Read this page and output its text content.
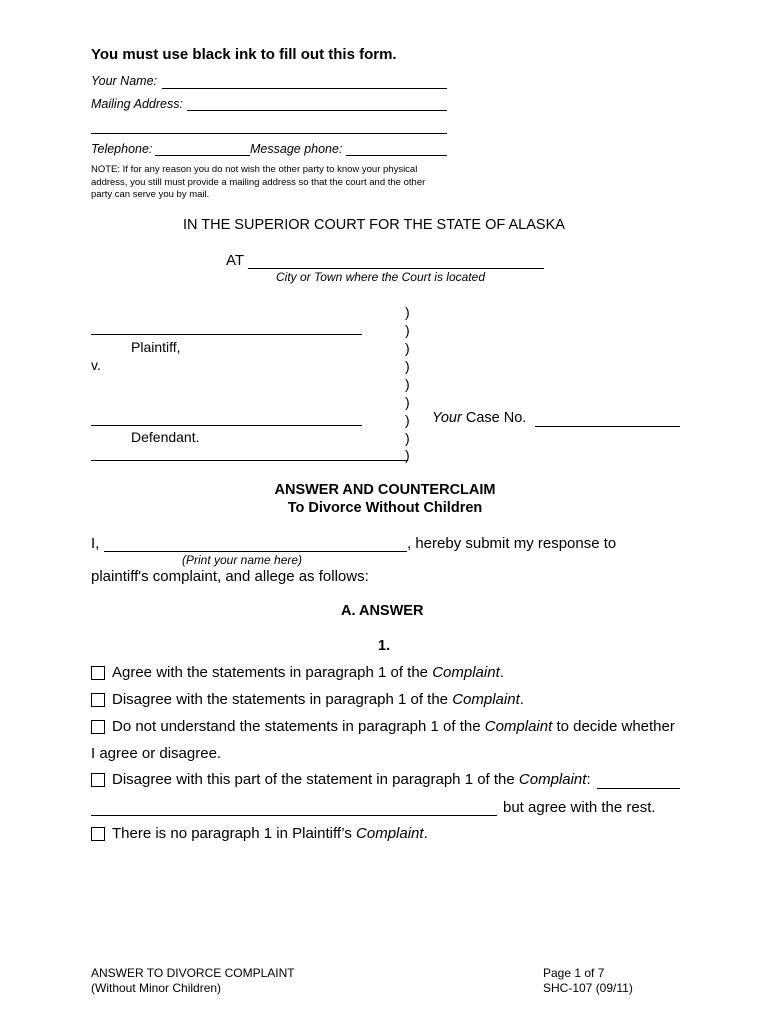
You must use black ink to fill out this form.
Your Name:
Mailing Address:
Telephone:	Message phone:
NOTE: If for any reason you do not wish the other party to know your physical
address, you still must provide a mailing address so that the court and the other
party can serve you by mail.
IN THE SUPERIOR COURT FOR THE STATE OF ALASKA
AT
City or Town where the Court is located
Plaintiff,
v.
Defendant.
)
)
)
)
)
)
)
)
)
Your Case No.
ANSWER AND COUNTERCLAIM
To Divorce Without Children
I,	, hereby submit my response to
(Print your name here)
plaintiff's complaint, and allege as follows:
A. ANSWER
1.
Agree with the statements in paragraph 1 of the Complaint.
Disagree with the statements in paragraph 1 of the Complaint.
Do not understand the statements in paragraph 1 of the Complaint to decide whether
I agree or disagree.
Disagree with this part of the statement in paragraph 1 of the Complaint:
but agree with the rest.
There is no paragraph 1 in Plaintiff’s Complaint.
ANSWER TO DIVORCE COMPLAINT
(Without Minor Children)
Page 1 of 7
SHC-107 (09/11)
